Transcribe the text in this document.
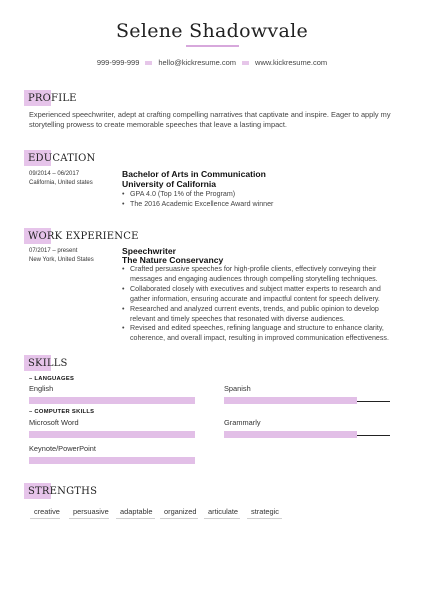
Selene Shadowvale
999-999-999	hello@kickresume.com	www.kickresume.com
PROFILE
Experienced speechwriter, adept at crafting compelling narratives that captivate and inspire. Eager to apply my storytelling prowess to create memorable speeches that leave a lasting impact.
EDUCATION
09/2014 – 06/2017
California, United states
Bachelor of Arts in Communication
University of California
• GPA 4.0 (Top 1% of the Program)
• The 2016 Academic Excellence Award winner
WORK EXPERIENCE
07/2017 – present
New York, United States
Speechwriter
The Nature Conservancy
• Crafted persuasive speeches for high-profile clients, effectively conveying their messages and engaging audiences through compelling storytelling techniques.
• Collaborated closely with executives and subject matter experts to research and gather information, ensuring accurate and impactful content for speech delivery.
• Researched and analyzed current events, trends, and public opinion to develop relevant and timely speeches that resonated with diverse audiences.
• Revised and edited speeches, refining language and structure to enhance clarity, coherence, and overall impact, resulting in improved communication effectiveness.
SKILLS
– LANGUAGES
English	Spanish
– COMPUTER SKILLS
Microsoft Word	Grammarly
Keynote/PowerPoint
STRENGTHS
creative persuasive adaptable organized articulate strategic
